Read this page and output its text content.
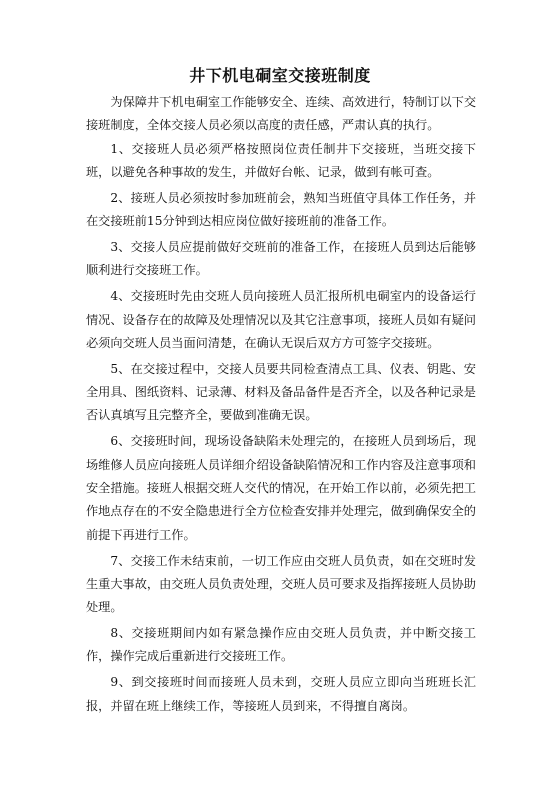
井下机电硐室交接班制度

为保障井下机电硐室工作能够安全、连续、高效进行，特制订以下交接班制度，全体交接人员必须以高度的责任感，严肃认真的执行。

1、交接班人员必须严格按照岗位责任制井下交接班，当班交接下班，以避免各种事故的发生，并做好台帐、记录，做到有帐可查。

2、接班人员必须按时参加班前会，熟知当班值守具体工作任务，并在交接班前15分钟到达相应岗位做好接班前的准备工作。

3、交接人员应提前做好交班前的准备工作，在接班人员到达后能够顺利进行交接班工作。

4、交接班时先由交班人员向接班人员汇报所机电硐室内的设备运行情况、设备存在的故障及处理情况以及其它注意事项，接班人员如有疑问必须向交班人员当面问清楚，在确认无误后双方方可签字交接班。

5、在交接过程中，交接人员要共同检查清点工具、仪表、钥匙、安全用具、图纸资料、记录薄、材料及备品备件是否齐全，以及各种记录是否认真填写且完整齐全，要做到准确无误。

6、交接班时间，现场设备缺陷未处理完的，在接班人员到场后，现场维修人员应向接班人员详细介绍设备缺陷情况和工作内容及注意事项和安全措施。接班人根据交班人交代的情况，在开始工作以前，必须先把工作地点存在的不安全隐患进行全方位检查安排并处理完，做到确保安全的前提下再进行工作。

7、交接工作未结束前，一切工作应由交班人员负责，如在交班时发生重大事故，由交班人员负责处理，交班人员可要求及指挥接班人员协助处理。

8、交接班期间内如有紧急操作应由交班人员负责，并中断交接工作，操作完成后重新进行交接班工作。

9、到交接班时间而接班人员未到，交班人员应立即向当班班长汇报，并留在班上继续工作，等接班人员到来，不得擅自离岗。
